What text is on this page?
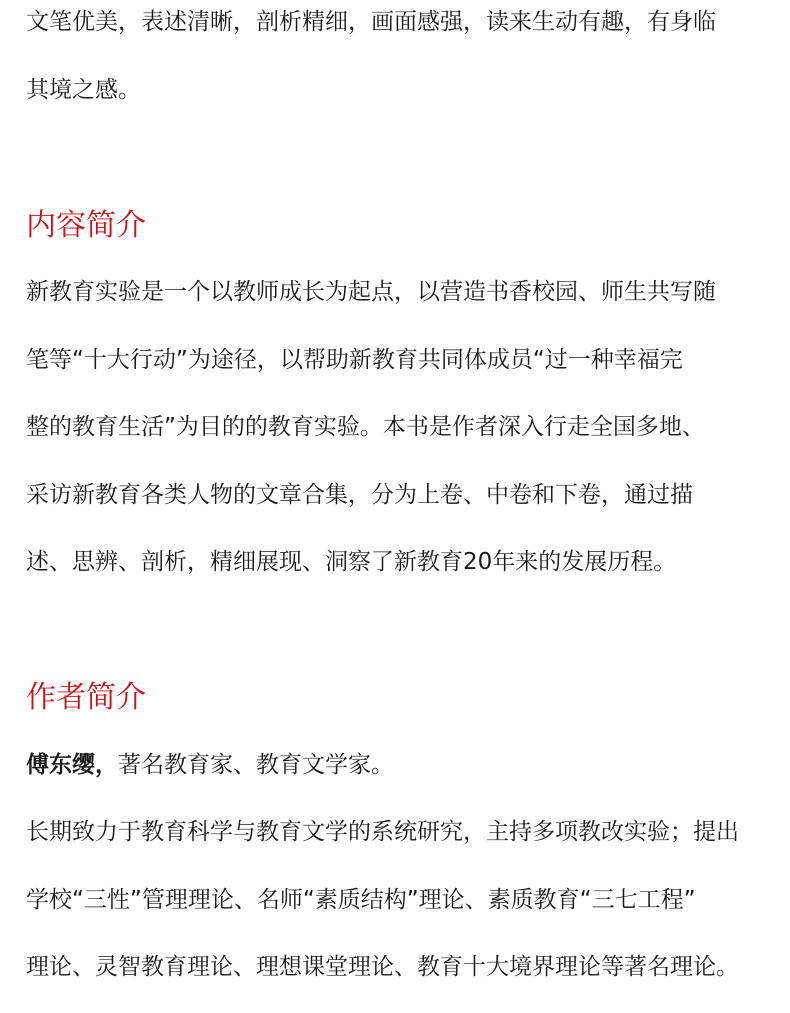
文笔优美，表述清晰，剖析精细，画面感强，读来生动有趣，有身临

其境之感。

内容简介

新教育实验是一个以教师成长为起点，以营造书香校园、师生共写随

笔等“十大行动”为途径，以帮助新教育共同体成员“过一种幸福完

整的教育生活”为目的的教育实验。本书是作者深入行走全国多地、

采访新教育各类人物的文章合集，分为上卷、中卷和下卷，通过描

述、思辨、剖析，精细展现、洞察了新教育20年来的发展历程。

作者简介

傅东缨，著名教育家、教育文学家。

长期致力于教育科学与教育文学的系统研究，主持多项教改实验；提出

学校“三性”管理理论、名师“素质结构”理论、素质教育“三七工程”

理论、灵智教育理论、理想课堂理论、教育十大境界理论等著名理论。
